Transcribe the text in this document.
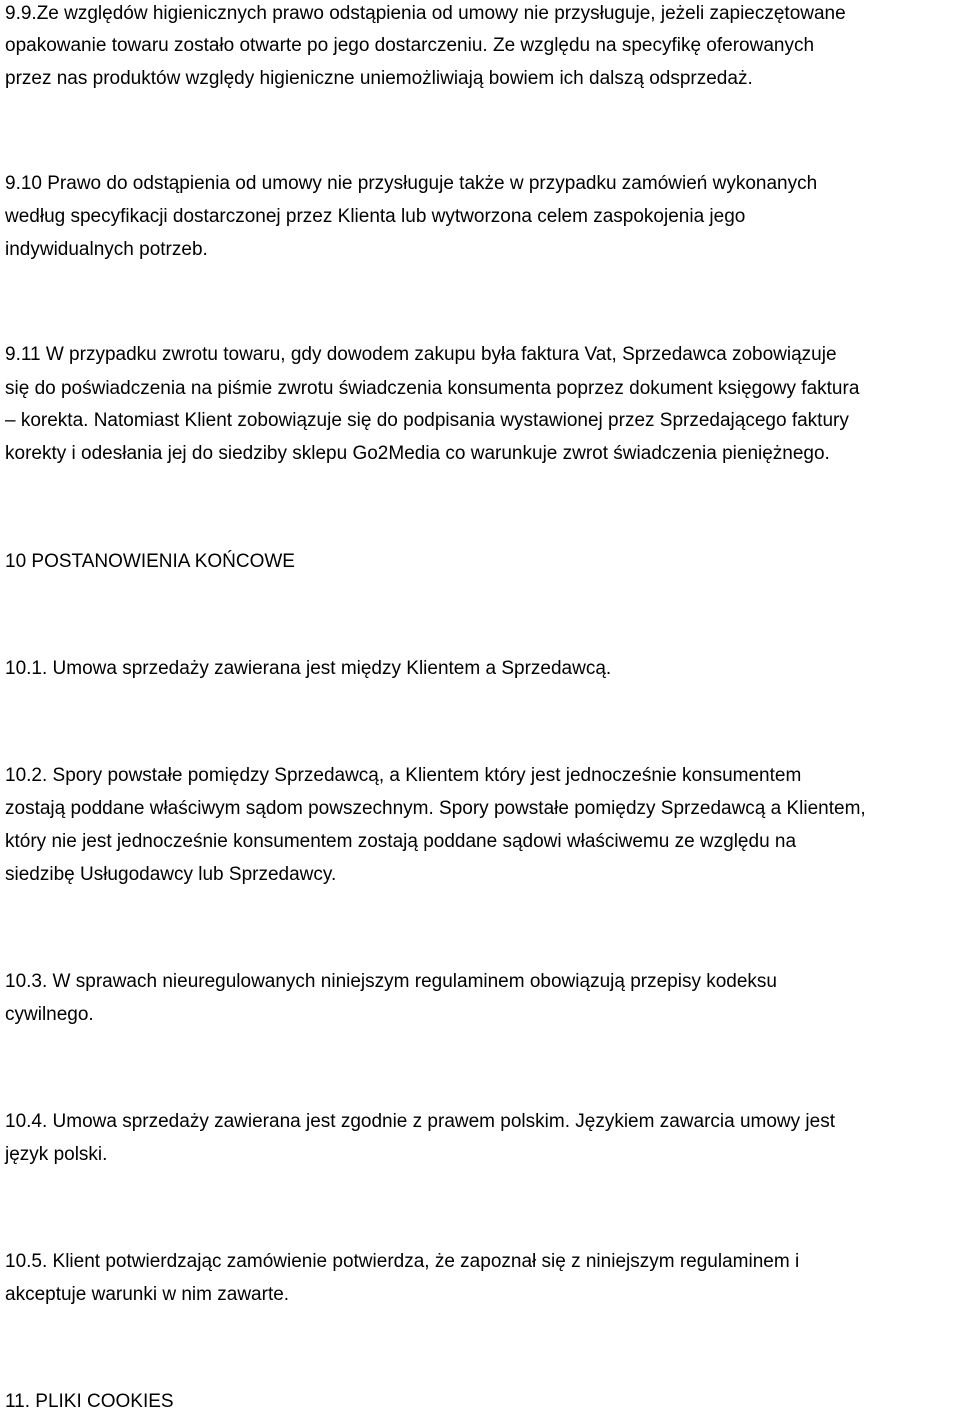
9.9.Ze względów higienicznych prawo odstąpienia od umowy nie przysługuje, jeżeli zapieczętowane
opakowanie towaru zostało otwarte po jego dostarczeniu. Ze względu na specyfikę oferowanych
przez nas produktów względy higieniczne uniemożliwiają bowiem ich dalszą odsprzedaż.
9.10 Prawo do odstąpienia od umowy nie przysługuje także w przypadku zamówień wykonanych
według specyfikacji dostarczonej przez Klienta lub wytworzona celem zaspokojenia jego
indywidualnych potrzeb.
9.11 W przypadku zwrotu towaru, gdy dowodem zakupu była faktura Vat, Sprzedawca zobowiązuje
się do poświadczenia na piśmie zwrotu świadczenia konsumenta poprzez dokument księgowy faktura
– korekta. Natomiast Klient zobowiązuje się do podpisania wystawionej przez Sprzedającego faktury
korekty i odesłania jej do siedziby sklepu Go2Media co warunkuje zwrot świadczenia pieniężnego.
10 POSTANOWIENIA KOŃCOWE
10.1. Umowa sprzedaży zawierana jest między Klientem a Sprzedawcą.
10.2. Spory powstałe pomiędzy Sprzedawcą, a Klientem który jest jednocześnie konsumentem
zostają poddane właściwym sądom powszechnym. Spory powstałe pomiędzy Sprzedawcą a Klientem,
który nie jest jednocześnie konsumentem zostają poddane sądowi właściwemu ze względu na
siedzibę Usługodawcy lub Sprzedawcy.
10.3. W sprawach nieuregulowanych niniejszym regulaminem obowiązują przepisy kodeksu
cywilnego.
10.4. Umowa sprzedaży zawierana jest zgodnie z prawem polskim. Językiem zawarcia umowy jest
język polski.
10.5. Klient potwierdzając zamówienie potwierdza, że zapoznał się z niniejszym regulaminem i
akceptuje warunki w nim zawarte.
11. PLIKI COOKIES
